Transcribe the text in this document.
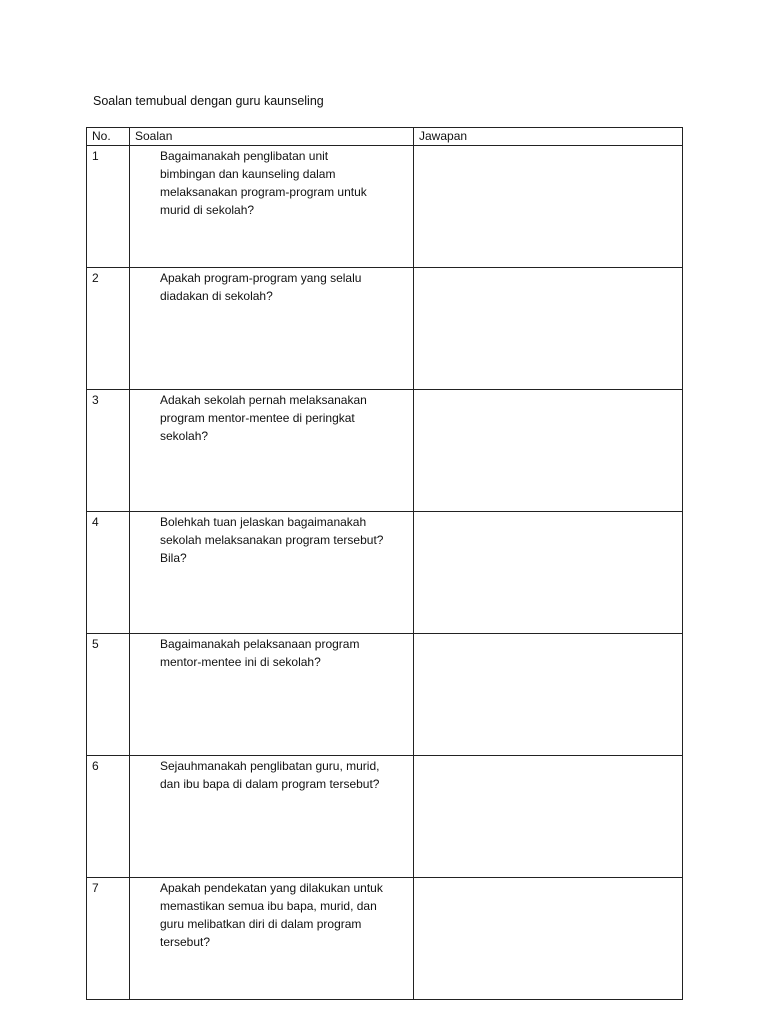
Soalan temubual dengan guru kaunseling
No.	Soalan	Jawapan
1	Bagaimanakah penglibatan unit
bimbingan dan kaunseling dalam
melaksanakan program-program untuk
murid di sekolah?	

2	Apakah program-program yang selalu
diadakan di sekolah?	

3	Adakah sekolah pernah melaksanakan
program mentor-mentee di peringkat
sekolah?	

4	Bolehkah tuan jelaskan bagaimanakah
sekolah melaksanakan program tersebut?
Bila?	

5	Bagaimanakah pelaksanaan program
mentor-mentee ini di sekolah?	

6	Sejauhmanakah penglibatan guru, murid,
dan ibu bapa di dalam program tersebut?	

7	Apakah pendekatan yang dilakukan untuk
memastikan semua ibu bapa, murid, dan
guru melibatkan diri di dalam program
tersebut?	
